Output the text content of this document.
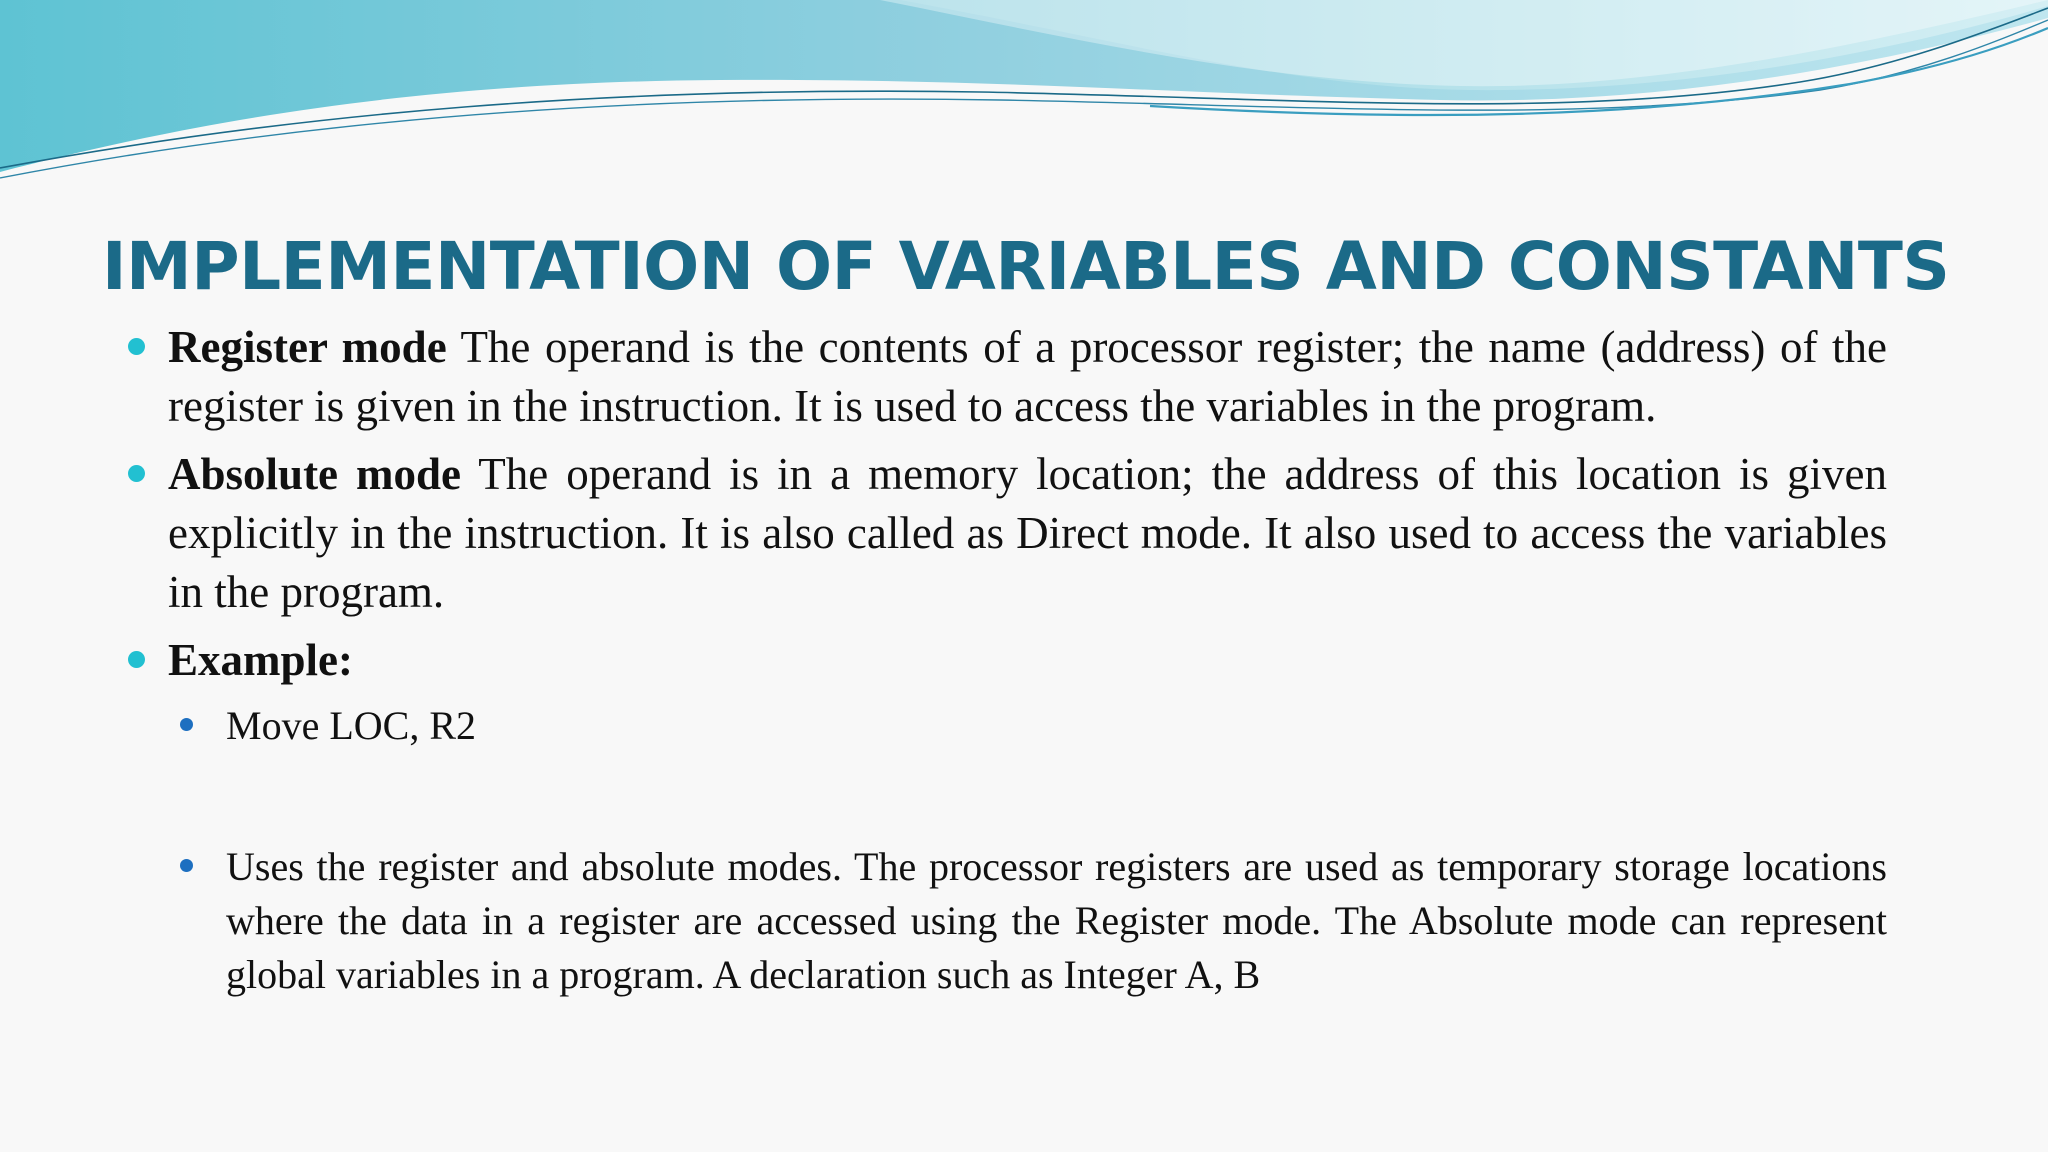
IMPLEMENTATION OF VARIABLES AND CONSTANTS
Register mode The operand is the contents of a processor register; the name (address) of the register is given in the instruction. It is used to access the variables in the program.
Absolute mode The operand is in a memory location; the address of this location is given explicitly in the instruction. It is also called as Direct mode. It also used to access the variables in the program.
Example:
Move LOC, R2
Uses the register and absolute modes. The processor registers are used as temporary storage locations where the data in a register are accessed using the Register mode. The Absolute mode can represent global variables in a program. A declaration such as Integer A, B
